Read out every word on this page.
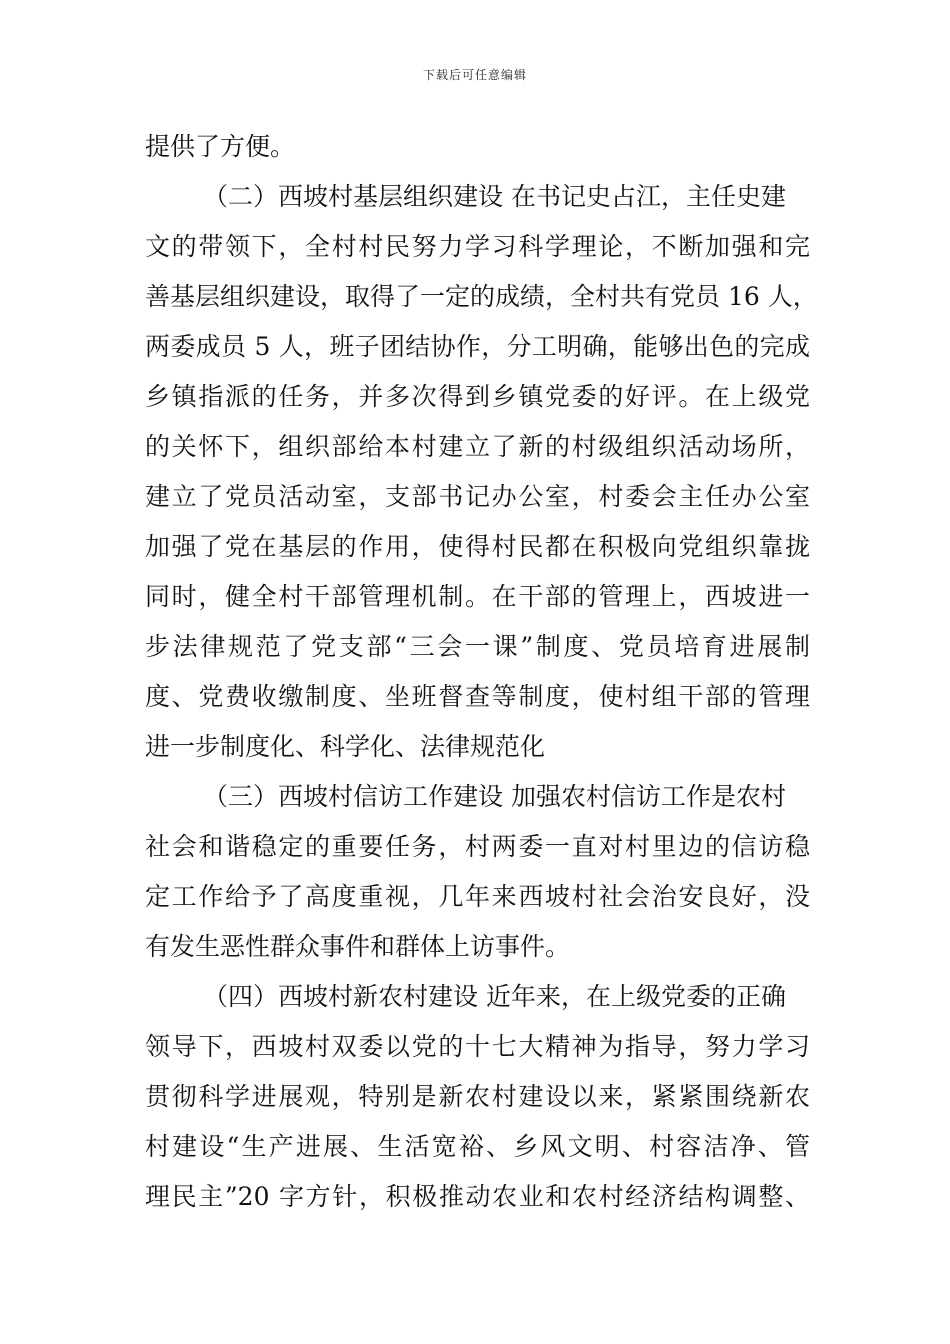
下载后可任意编辑
提供了方便。
（二）西坡村基层组织建设 在书记史占江，主任史建
文的带领下，全村村民努力学习科学理论，不断加强和完
善基层组织建设，取得了一定的成绩，全村共有党员 16 人，
两委成员 5 人，班子团结协作，分工明确，能够出色的完成
乡镇指派的任务，并多次得到乡镇党委的好评。在上级党
的关怀下，组织部给本村建立了新的村级组织活动场所，
建立了党员活动室，支部书记办公室，村委会主任办公室
加强了党在基层的作用，使得村民都在积极向党组织靠拢
同时，健全村干部管理机制。在干部的管理上，西坡进一
步法律规范了党支部“三会一课”制度、党员培育进展制
度、党费收缴制度、坐班督查等制度，使村组干部的管理
进一步制度化、科学化、法律规范化
（三）西坡村信访工作建设 加强农村信访工作是农村
社会和谐稳定的重要任务，村两委一直对村里边的信访稳
定工作给予了高度重视，几年来西坡村社会治安良好，没
有发生恶性群众事件和群体上访事件。
（四）西坡村新农村建设 近年来，在上级党委的正确
领导下，西坡村双委以党的十七大精神为指导，努力学习
贯彻科学进展观，特别是新农村建设以来，紧紧围绕新农
村建设“生产进展、生活宽裕、乡风文明、村容洁净、管
理民主”20 字方针，积极推动农业和农村经济结构调整、
